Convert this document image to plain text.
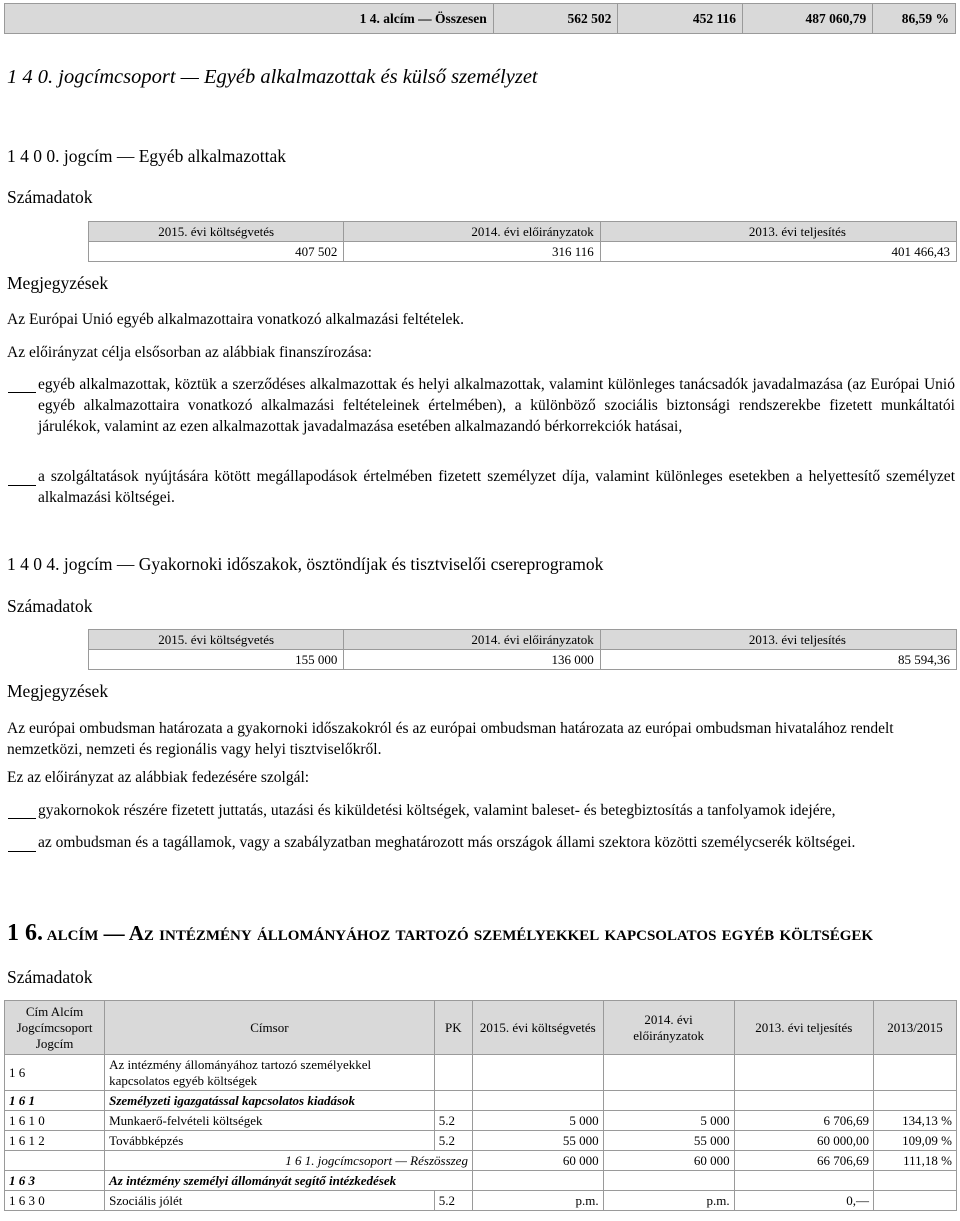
1 4. alcím — Összesen	562 502	452 116	487 060,79	86,59 %
1 4 0. jogcímcsoport — Egyéb alkalmazottak és külső személyzet
1 4 0 0. jogcím — Egyéb alkalmazottak
Számadatok
2015. évi költségvetés	2014. évi előirányzatok	2013. évi teljesítés
407 502	316 116	401 466,43
Megjegyzések
Az Európai Unió egyéb alkalmazottaira vonatkozó alkalmazási feltételek.
Az előirányzat célja elsősorban az alábbiak finanszírozása:
egyéb alkalmazottak, köztük a szerződéses alkalmazottak és helyi alkalmazottak, valamint különleges tanácsadók javadalmazása (az Európai Unió egyéb alkalmazottaira vonatkozó alkalmazási feltételeinek értelmében), a különböző szociális biztonsági rendszerekbe fizetett munkáltatói járulékok, valamint az ezen alkalmazottak javadalmazása esetében alkalmazandó bérkorrekciók hatásai,
a szolgáltatások nyújtására kötött megállapodások értelmében fizetett személyzet díja, valamint különleges esetekben a helyettesítő személyzet alkalmazási költségei.
1 4 0 4. jogcím — Gyakornoki időszakok, ösztöndíjak és tisztviselői csereprogramok
Számadatok
2015. évi költségvetés	2014. évi előirányzatok	2013. évi teljesítés
155 000	136 000	85 594,36
Megjegyzések
Az európai ombudsman határozata a gyakornoki időszakokról és az európai ombudsman határozata az európai ombudsman hivatalához rendelt nemzetközi, nemzeti és regionális vagy helyi tisztviselőkről.
Ez az előirányzat az alábbiak fedezésére szolgál:
gyakornokok részére fizetett juttatás, utazási és kiküldetési költségek, valamint baleset- és betegbiztosítás a tanfolyamok idejére,
az ombudsman és a tagállamok, vagy a szabályzatban meghatározott más országok állami szektora közötti személycserék költségei.
1 6. alcím — Az intézmény állományához tartozó személyekkel kapcsolatos egyéb költségek
Számadatok
Cím Alcím Jogcímcsoport Jogcím	Címsor	PK	2015. évi költségvetés	2014. évi előirányzatok	2013. évi teljesítés	2013/2015
1 6	Az intézmény állományához tartozó személyekkel kapcsolatos egyéb költségek					
1 6 1	Személyzeti igazgatással kapcsolatos kiadások					
1 6 1 0	Munkaerő-felvételi költségek	5.2	5 000	5 000	6 706,69	134,13 %
1 6 1 2	Továbbképzés	5.2	55 000	55 000	60 000,00	109,09 %
	1 6 1. jogcímcsoport — Részösszeg		60 000	60 000	66 706,69	111,18 %
1 6 3	Az intézmény személyi állományát segítő intézkedések					
1 6 3 0	Szociális jólét	5.2	p.m.	p.m.	0,—	
